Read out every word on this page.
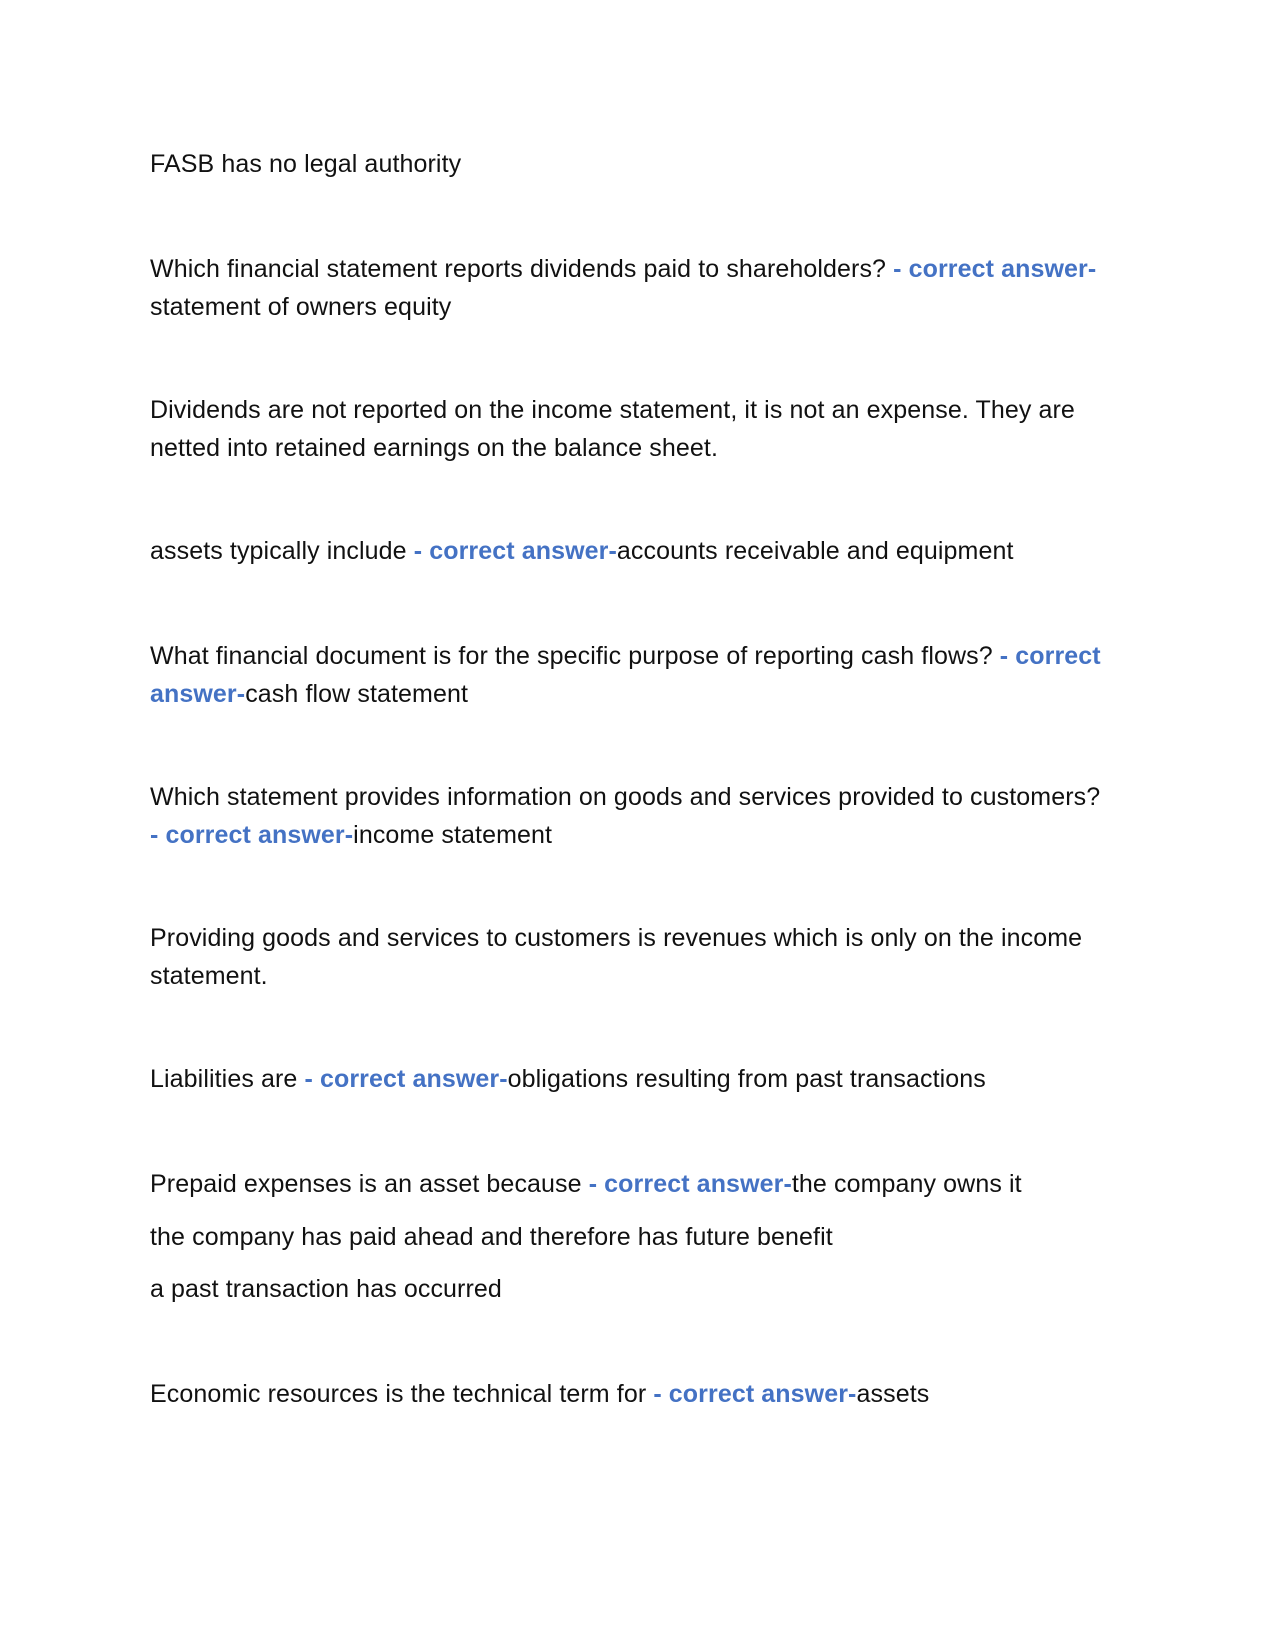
FASB has no legal authority

Which financial statement reports dividends paid to shareholders? - correct answer-statement of owners equity

Dividends are not reported on the income statement, it is not an expense. They are netted into retained earnings on the balance sheet.

assets typically include - correct answer-accounts receivable and equipment

What financial document is for the specific purpose of reporting cash flows? - correct answer-cash flow statement

Which statement provides information on goods and services provided to customers? - correct answer-income statement

Providing goods and services to customers is revenues which is only on the income statement.

Liabilities are - correct answer-obligations resulting from past transactions

Prepaid expenses is an asset because - correct answer-the company owns it

the company has paid ahead and therefore has future benefit

a past transaction has occurred

Economic resources is the technical term for - correct answer-assets
